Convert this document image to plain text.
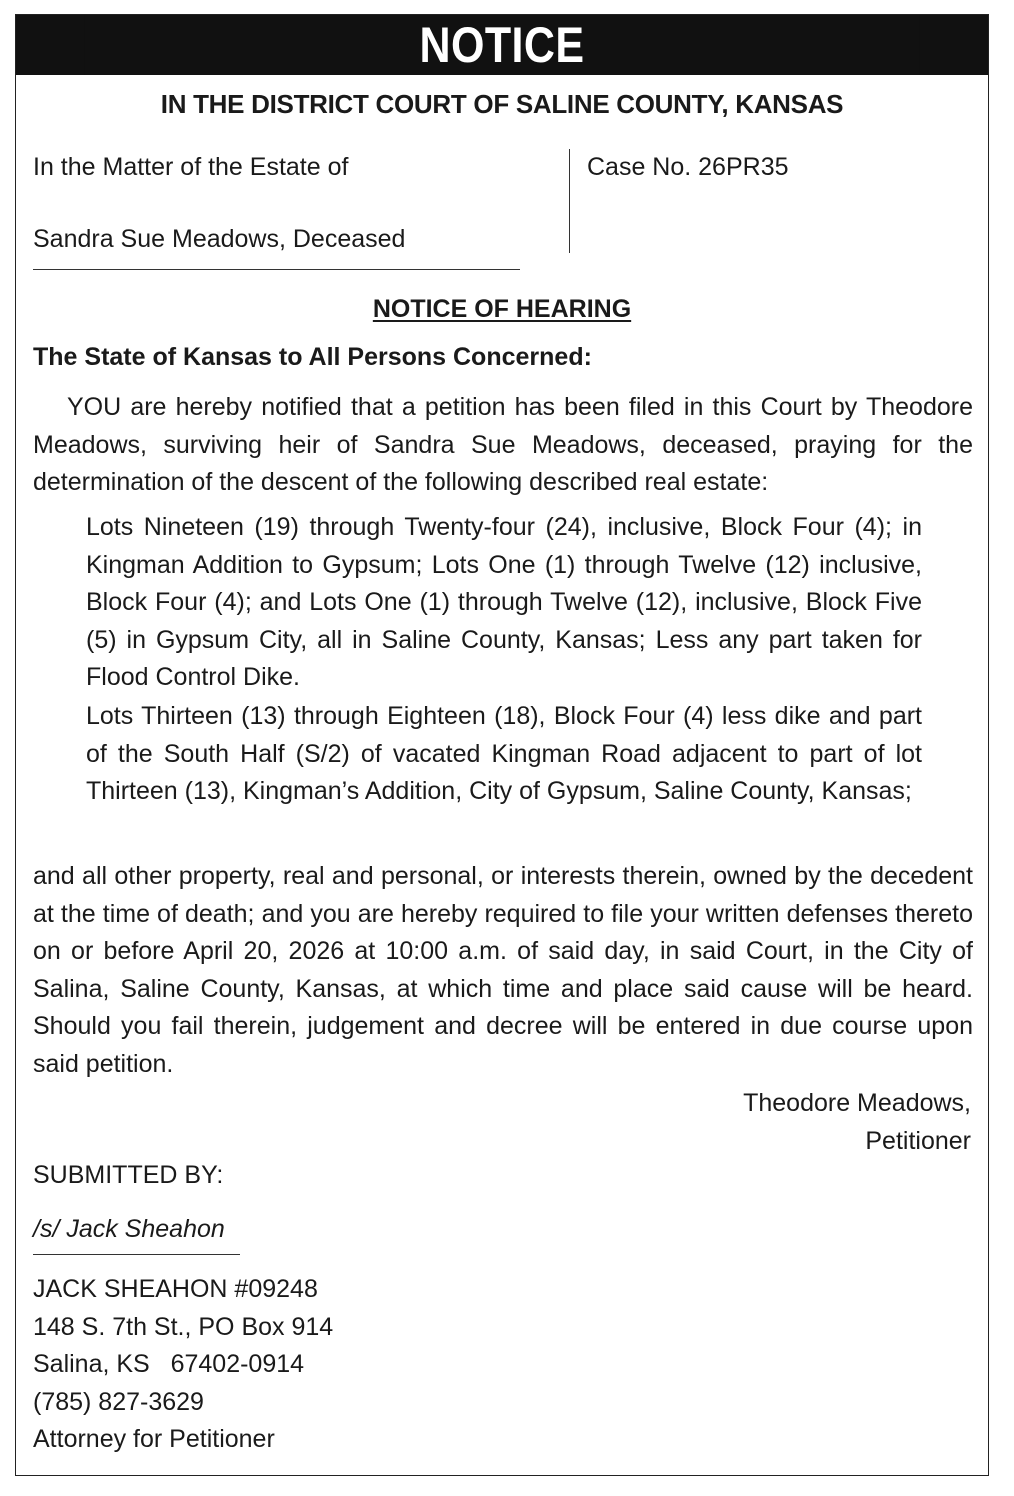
NOTICE
IN THE DISTRICT COURT OF SALINE COUNTY, KANSAS
In the Matter of the Estate of
Sandra Sue Meadows, Deceased
Case No. 26PR35
NOTICE OF HEARING
The State of Kansas to All Persons Concerned:
YOU are hereby notified that a petition has been filed in this Court by Theodore Meadows, surviving heir of Sandra Sue Meadows, deceased, praying for the determination of the descent of the following described real estate:
Lots Nineteen (19) through Twenty-four (24), inclusive, Block Four (4); in Kingman Addition to Gypsum; Lots One (1) through Twelve (12) inclusive, Block Four (4); and Lots One (1) through Twelve (12), inclusive, Block Five (5) in Gypsum City, all in Saline County, Kansas; Less any part taken for Flood Control Dike.
Lots Thirteen (13) through Eighteen (18), Block Four (4) less dike and part of the South Half (S/2) of vacated Kingman Road adjacent to part of lot Thirteen (13), Kingman’s Addition, City of Gypsum, Saline County, Kansas;
and all other property, real and personal, or interests therein, owned by the decedent at the time of death; and you are hereby required to file your written defenses thereto on or before April 20, 2026 at 10:00 a.m. of said day, in said Court, in the City of Salina, Saline County, Kansas, at which time and place said cause will be heard. Should you fail therein, judgement and decree will be entered in due course upon said petition.
Theodore Meadows,
Petitioner
SUBMITTED BY:
/s/ Jack Sheahon
JACK SHEAHON #09248
148 S. 7th St., PO Box 914
Salina, KS   67402-0914
(785) 827-3629
Attorney for Petitioner
